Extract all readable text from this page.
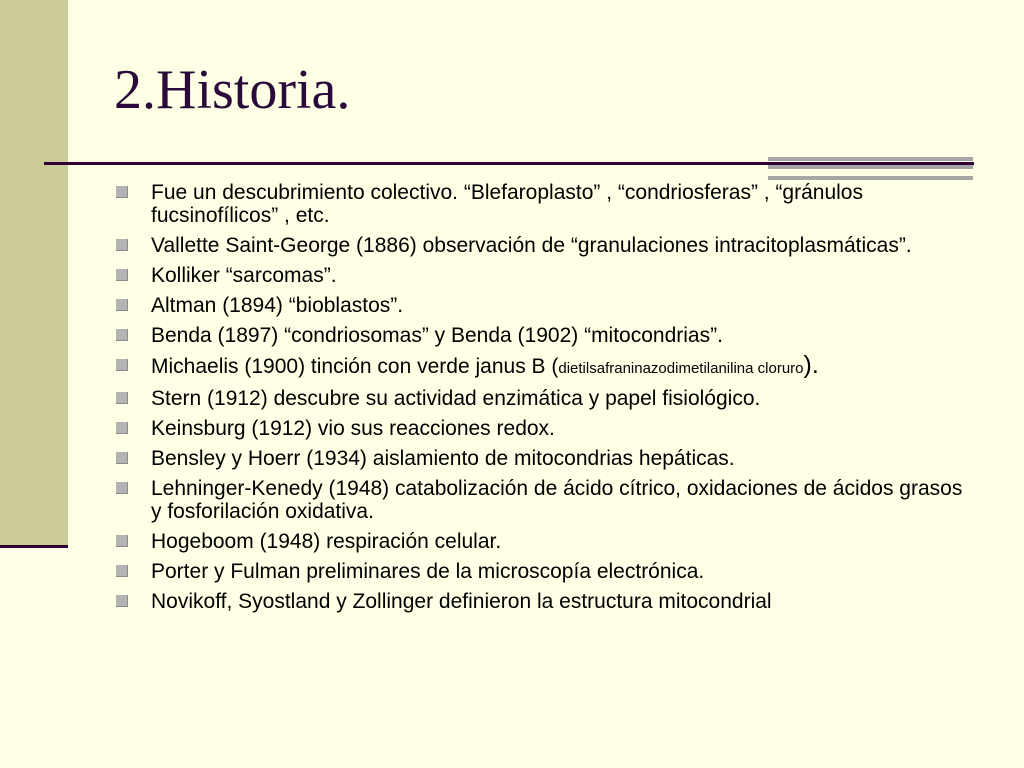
2.Historia.
Fue un descubrimiento colectivo. “Blefaroplasto” , “condriosferas” , “gránulos fucsinofílicos” , etc.
Vallette Saint-George (1886) observación de “granulaciones intracitoplasmáticas”.
Kolliker “sarcomas”.
Altman (1894) “bioblastos”.
Benda (1897) “condriosomas” y Benda (1902) “mitocondrias”.
Michaelis (1900) tinción con verde janus B (dietilsafraninazodimetilanilina cloruro).
Stern (1912) descubre su actividad enzimática y papel fisiológico.
Keinsburg (1912) vio sus reacciones redox.
Bensley y Hoerr (1934) aislamiento de mitocondrias hepáticas.
Lehninger-Kenedy (1948) catabolización de ácido cítrico, oxidaciones de ácidos grasos y fosforilación oxidativa.
Hogeboom (1948) respiración celular.
Porter y Fulman preliminares de la microscopía electrónica.
Novikoff, Syostland y Zollinger definieron la estructura mitocondrial
